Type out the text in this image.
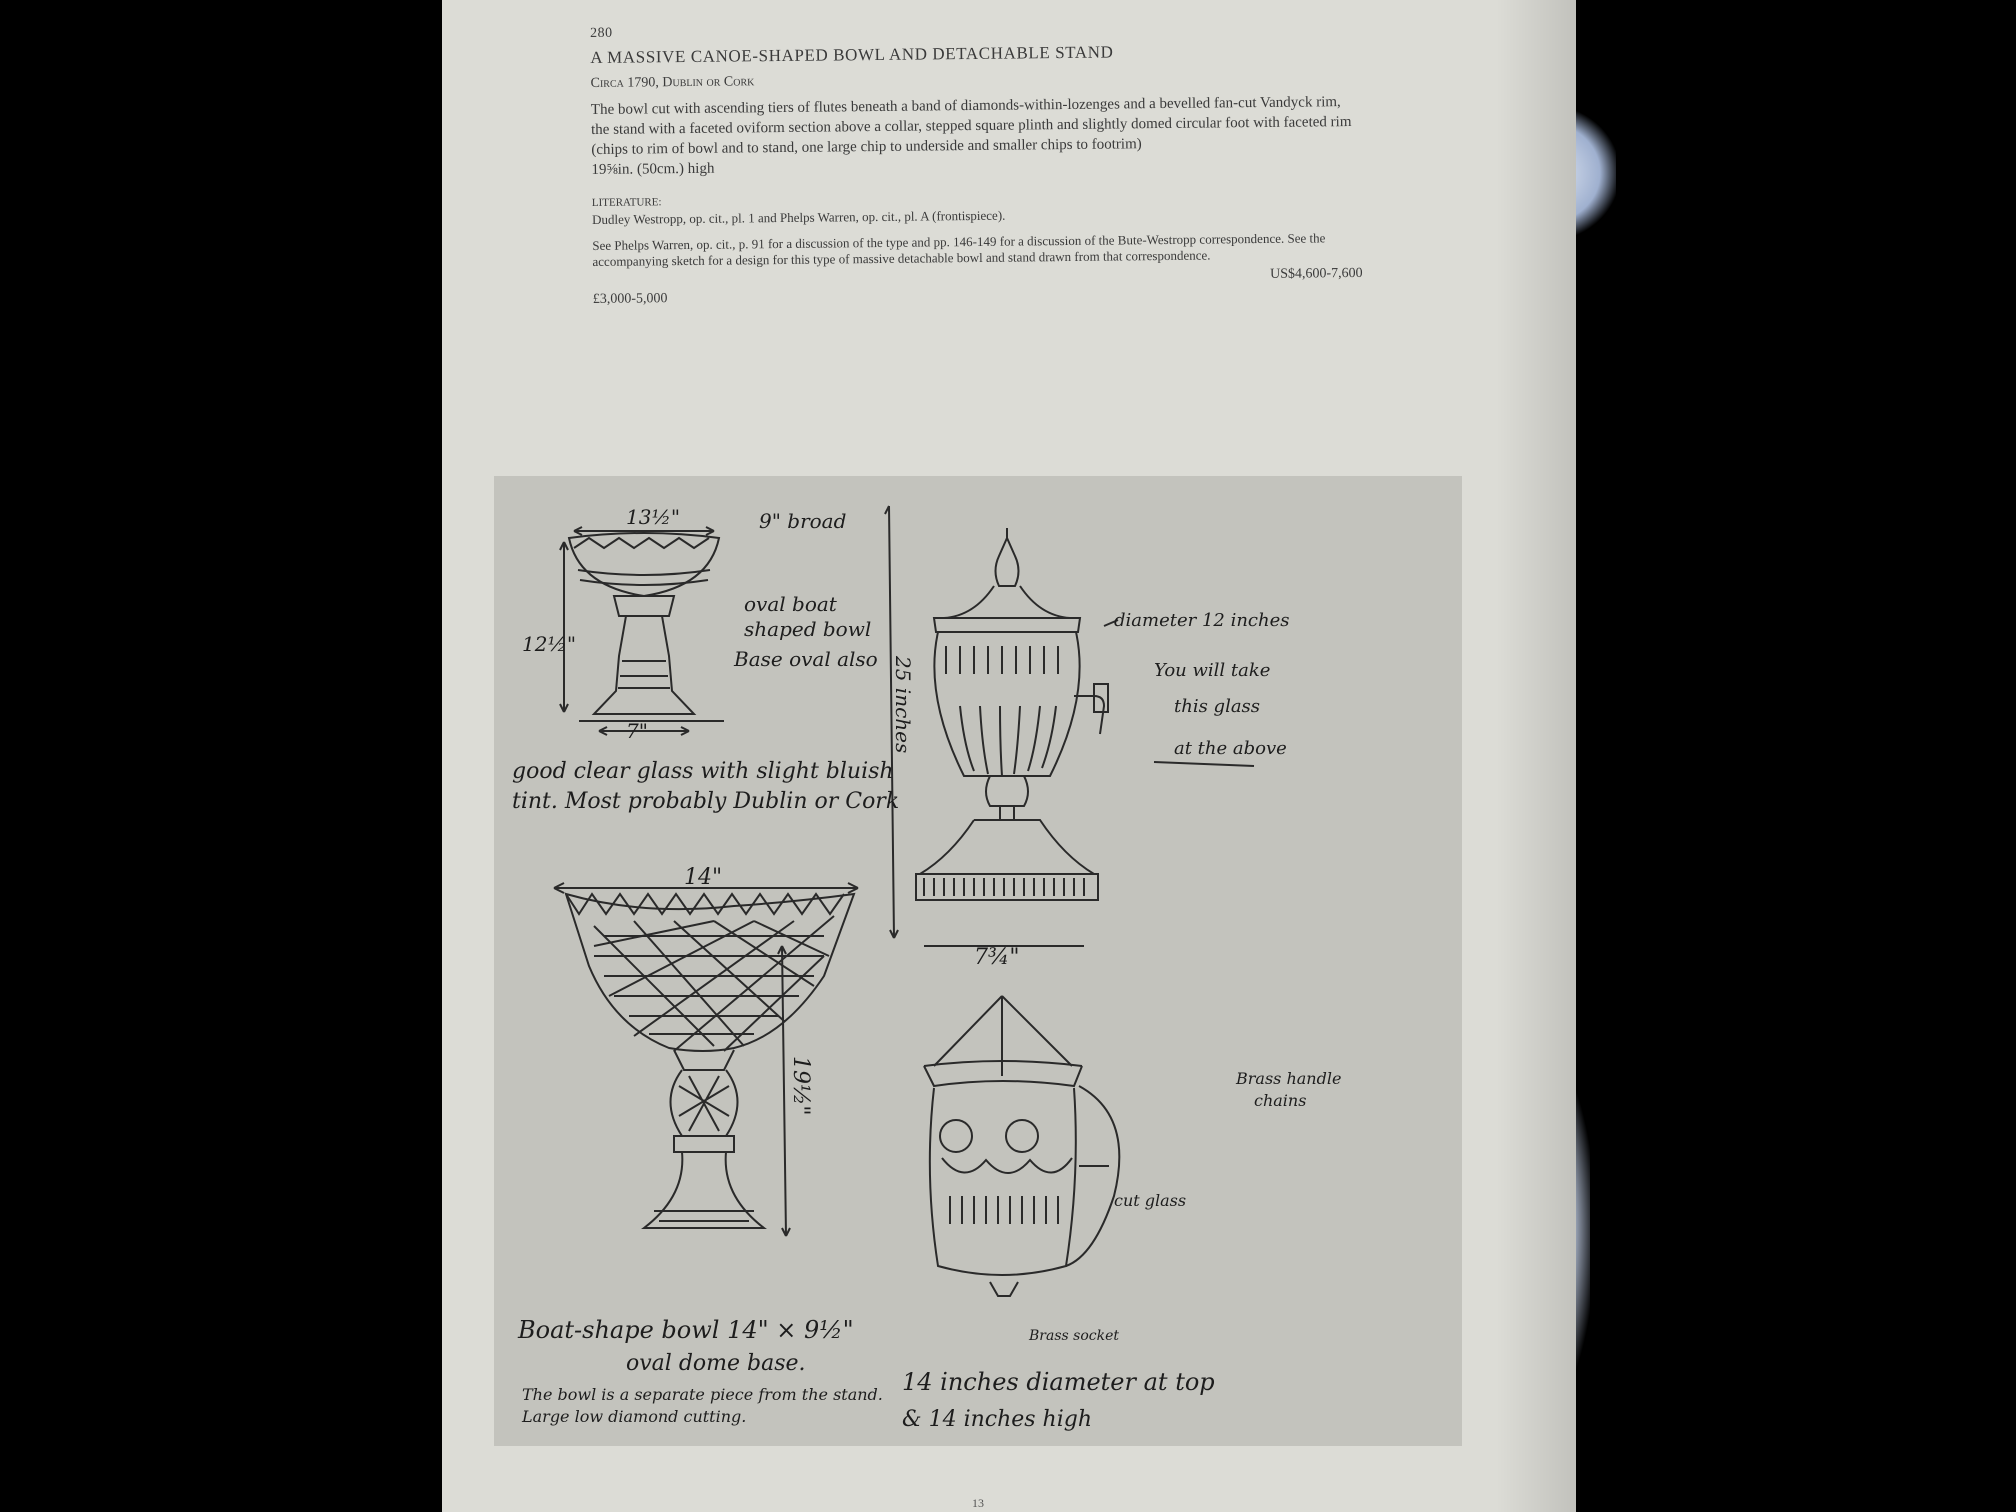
280
A MASSIVE CANOE-SHAPED BOWL AND DETACHABLE STAND
Circa 1790, Dublin or Cork
The bowl cut with ascending tiers of flutes beneath a band of diamonds-within-lozenges and a bevelled fan-cut Vandyck rim, the stand with a faceted oviform section above a collar, stepped square plinth and slightly domed circular foot with faceted rim (chips to rim of bowl and to stand, one large chip to underside and smaller chips to footrim)
19⅝in. (50cm.) high
LITERATURE:
Dudley Westropp, op. cit., pl. 1 and Phelps Warren, op. cit., pl. A (frontispiece).
See Phelps Warren, op. cit., p. 91 for a discussion of the type and pp. 146-149 for a discussion of the Bute-Westropp correspondence. See the accompanying sketch for a design for this type of massive detachable bowl and stand drawn from that correspondence.
US$4,600-7,600
£3,000-5,000
13½"	9" broad
12½"
7"
oval boat
shaped bowl
Base oval also
good clear glass with slight bluish
tint. Most probably Dublin or Cork
25 inches
diameter 12 inches
You will take
this glass
at the above
7¾"
14"
19½"
Boat-shape bowl 14" × 9½"
oval dome base.
The bowl is a separate piece from the stand.
Large low diamond cutting.
Brass handle
chains
cut glass
Brass socket
14 inches diameter at top
& 14 inches high
13
